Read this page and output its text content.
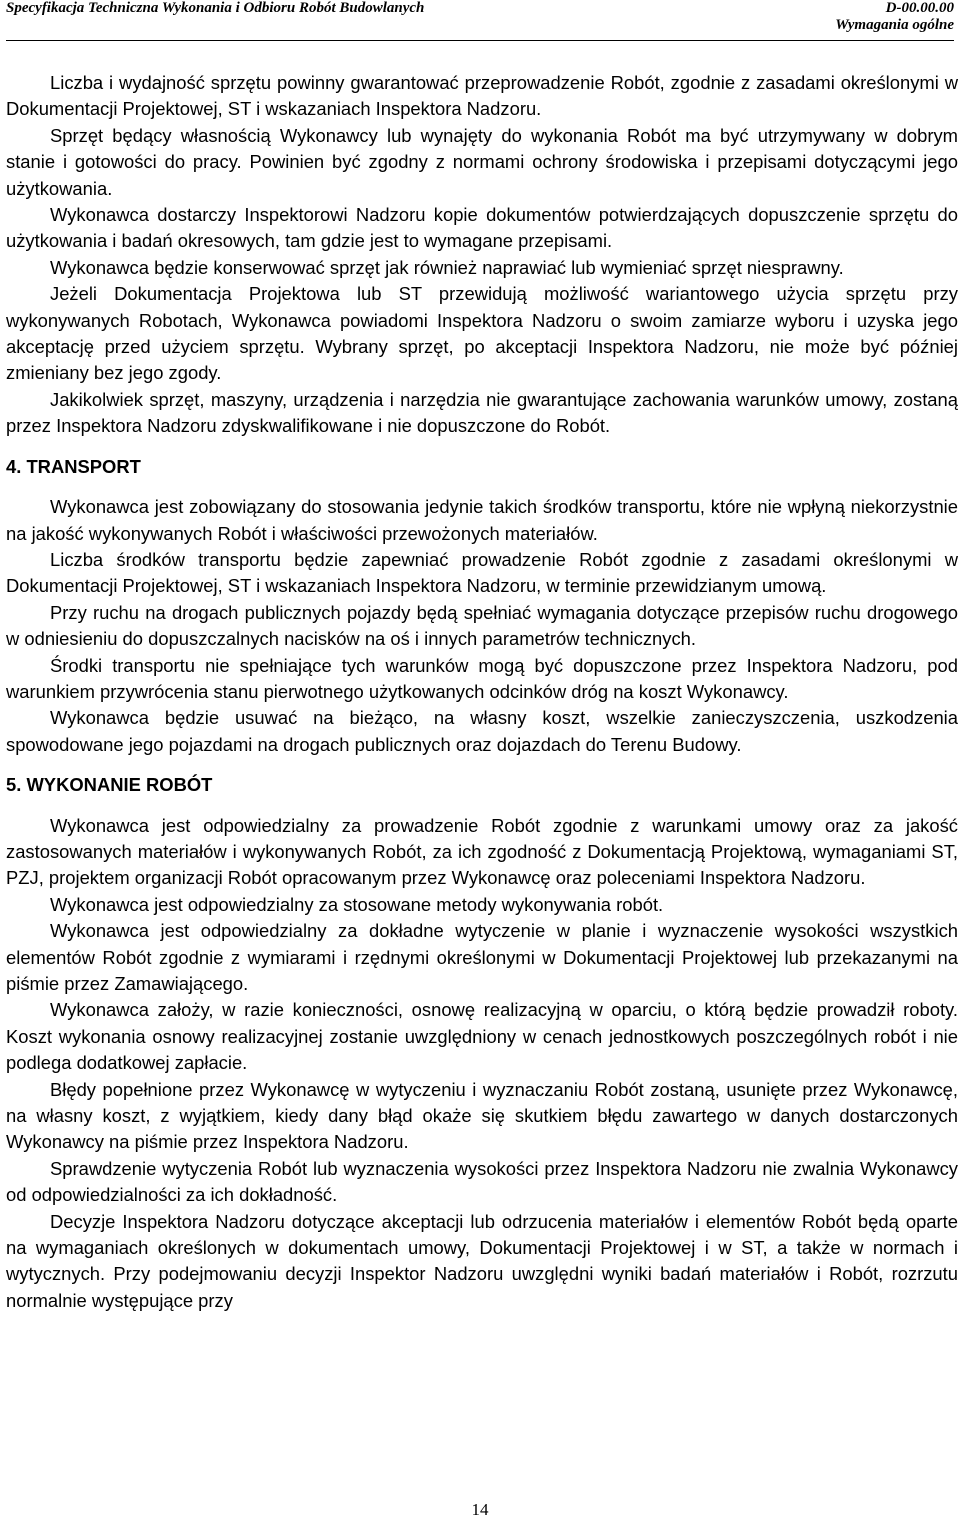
Specyfikacja Techniczna Wykonania i Odbioru Robót Budowlanych	D-00.00.00
Wymagania ogólne

Liczba i wydajność sprzętu powinny gwarantować przeprowadzenie Robót, zgodnie z zasadami określonymi w Dokumentacji Projektowej, ST i wskazaniach Inspektora Nadzoru.

Sprzęt będący własnością Wykonawcy lub wynajęty do wykonania Robót ma być utrzymywany w dobrym stanie i gotowości do pracy. Powinien być zgodny z normami ochrony środowiska i przepisami dotyczącymi jego użytkowania.

Wykonawca dostarczy Inspektorowi Nadzoru kopie dokumentów potwierdzających dopuszczenie sprzętu do użytkowania i badań okresowych, tam gdzie jest to wymagane przepisami.

Wykonawca będzie konserwować sprzęt jak również naprawiać lub wymieniać sprzęt niesprawny.

Jeżeli Dokumentacja Projektowa lub ST przewidują możliwość wariantowego użycia sprzętu przy wykonywanych Robotach, Wykonawca powiadomi Inspektora Nadzoru o swoim zamiarze wyboru i uzyska jego akceptację przed użyciem sprzętu. Wybrany sprzęt, po akceptacji Inspektora Nadzoru, nie może być później zmieniany bez jego zgody.

Jakikolwiek sprzęt, maszyny, urządzenia i narzędzia nie gwarantujące zachowania warunków umowy, zostaną przez Inspektora Nadzoru zdyskwalifikowane i nie dopuszczone do Robót.

4. TRANSPORT

Wykonawca jest zobowiązany do stosowania jedynie takich środków transportu, które nie wpłyną niekorzystnie na jakość wykonywanych Robót i właściwości przewożonych materiałów.

Liczba środków transportu będzie zapewniać prowadzenie Robót zgodnie z zasadami określonymi w Dokumentacji Projektowej, ST i wskazaniach Inspektora Nadzoru, w terminie przewidzianym umową.

Przy ruchu na drogach publicznych pojazdy będą spełniać wymagania dotyczące przepisów ruchu drogowego w odniesieniu do dopuszczalnych nacisków na oś i innych parametrów technicznych.

Środki transportu nie spełniające tych warunków mogą być dopuszczone przez Inspektora Nadzoru, pod warunkiem przywrócenia stanu pierwotnego użytkowanych odcinków dróg na koszt Wykonawcy.

Wykonawca będzie usuwać na bieżąco, na własny koszt, wszelkie zanieczyszczenia, uszkodzenia spowodowane jego pojazdami na drogach publicznych oraz dojazdach do Terenu Budowy.

5. WYKONANIE ROBÓT

Wykonawca jest odpowiedzialny za prowadzenie Robót zgodnie z warunkami umowy oraz za jakość zastosowanych materiałów i wykonywanych Robót, za ich zgodność z Dokumentacją Projektową, wymaganiami ST, PZJ, projektem organizacji Robót opracowanym przez Wykonawcę oraz poleceniami Inspektora Nadzoru.

Wykonawca jest odpowiedzialny za stosowane metody wykonywania robót.

Wykonawca jest odpowiedzialny za dokładne wytyczenie w planie i wyznaczenie wysokości wszystkich elementów Robót zgodnie z wymiarami i rzędnymi określonymi w Dokumentacji Projektowej lub przekazanymi na piśmie przez Zamawiającego.

Wykonawca założy, w razie konieczności, osnowę realizacyjną w oparciu, o którą będzie prowadził roboty. Koszt wykonania osnowy realizacyjnej zostanie uwzględniony w cenach jednostkowych poszczególnych robót i nie podlega dodatkowej zapłacie.

Błędy popełnione przez Wykonawcę w wytyczeniu i wyznaczaniu Robót zostaną, usunięte przez Wykonawcę, na własny koszt, z wyjątkiem, kiedy dany błąd okaże się skutkiem błędu zawartego w danych dostarczonych Wykonawcy na piśmie przez Inspektora Nadzoru.

Sprawdzenie wytyczenia Robót lub wyznaczenia wysokości przez Inspektora Nadzoru nie zwalnia Wykonawcy od odpowiedzialności za ich dokładność.

Decyzje Inspektora Nadzoru dotyczące akceptacji lub odrzucenia materiałów i elementów Robót będą oparte na wymaganiach określonych w dokumentach umowy, Dokumentacji Projektowej i w ST, a także w normach i wytycznych. Przy podejmowaniu decyzji Inspektor Nadzoru uwzględni wyniki badań materiałów i Robót, rozrzutu normalnie występujące przy

14
